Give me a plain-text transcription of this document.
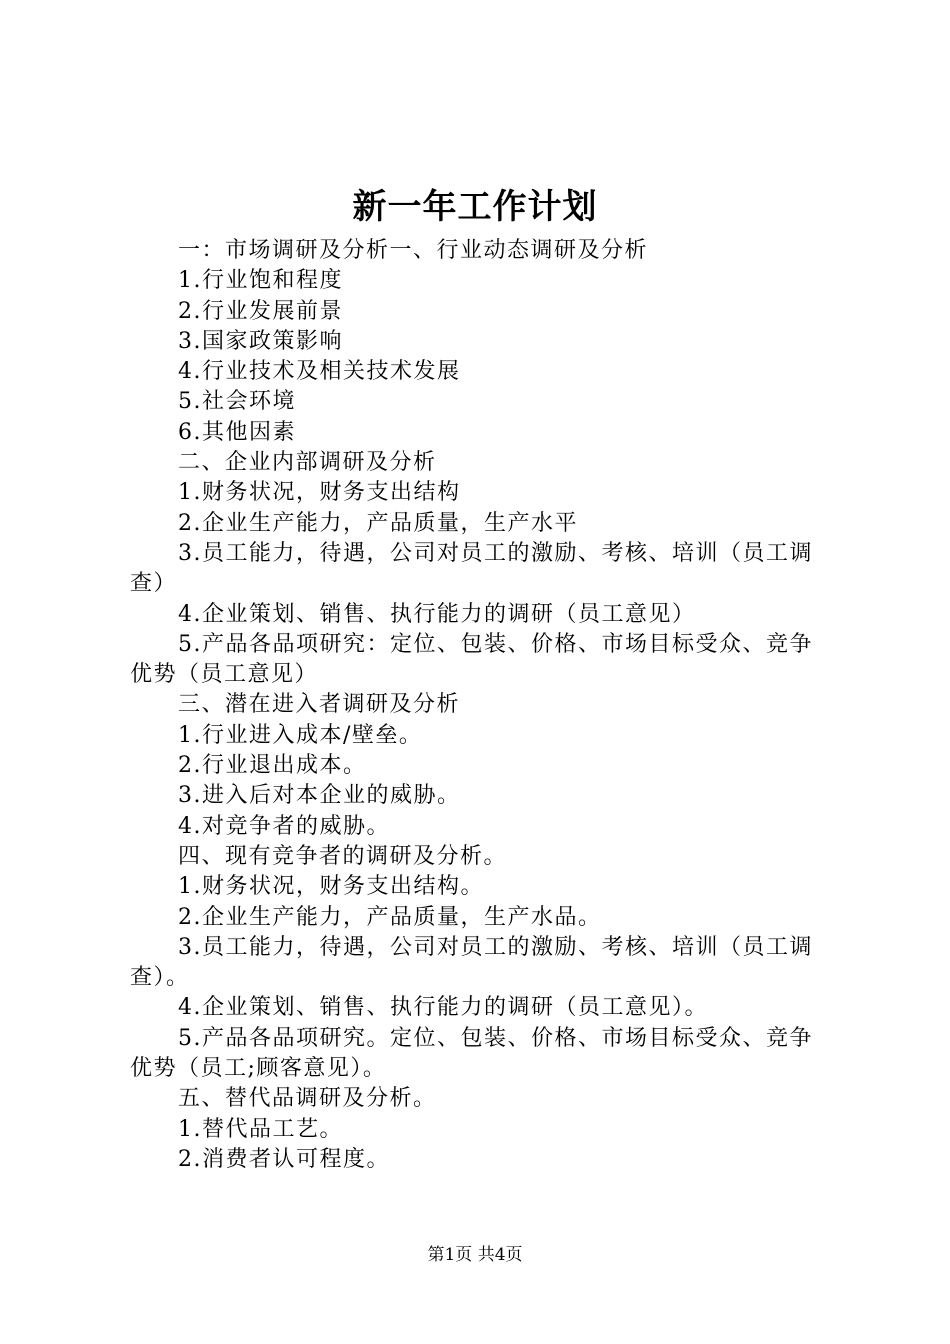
新一年工作计划

一：市场调研及分析一、行业动态调研及分析

1.行业饱和程度

2.行业发展前景

3.国家政策影响

4.行业技术及相关技术发展

5.社会环境

6.其他因素

二、企业内部调研及分析

1.财务状况，财务支出结构

2.企业生产能力，产品质量，生产水平

3.员工能力，待遇，公司对员工的激励、考核、培训（员工调查）

4.企业策划、销售、执行能力的调研（员工意见）

5.产品各品项研究：定位、包装、价格、市场目标受众、竞争优势（员工意见）

三、潜在进入者调研及分析

1.行业进入成本/壁垒。

2.行业退出成本。

3.进入后对本企业的威胁。

4.对竞争者的威胁。

四、现有竞争者的调研及分析。

1.财务状况，财务支出结构。

2.企业生产能力，产品质量，生产水品。

3.员工能力，待遇，公司对员工的激励、考核、培训（员工调查）。

4.企业策划、销售、执行能力的调研（员工意见）。

5.产品各品项研究。定位、包装、价格、市场目标受众、竞争优势（员工;顾客意见）。

五、替代品调研及分析。

1.替代品工艺。

2.消费者认可程度。

第1页 共4页
